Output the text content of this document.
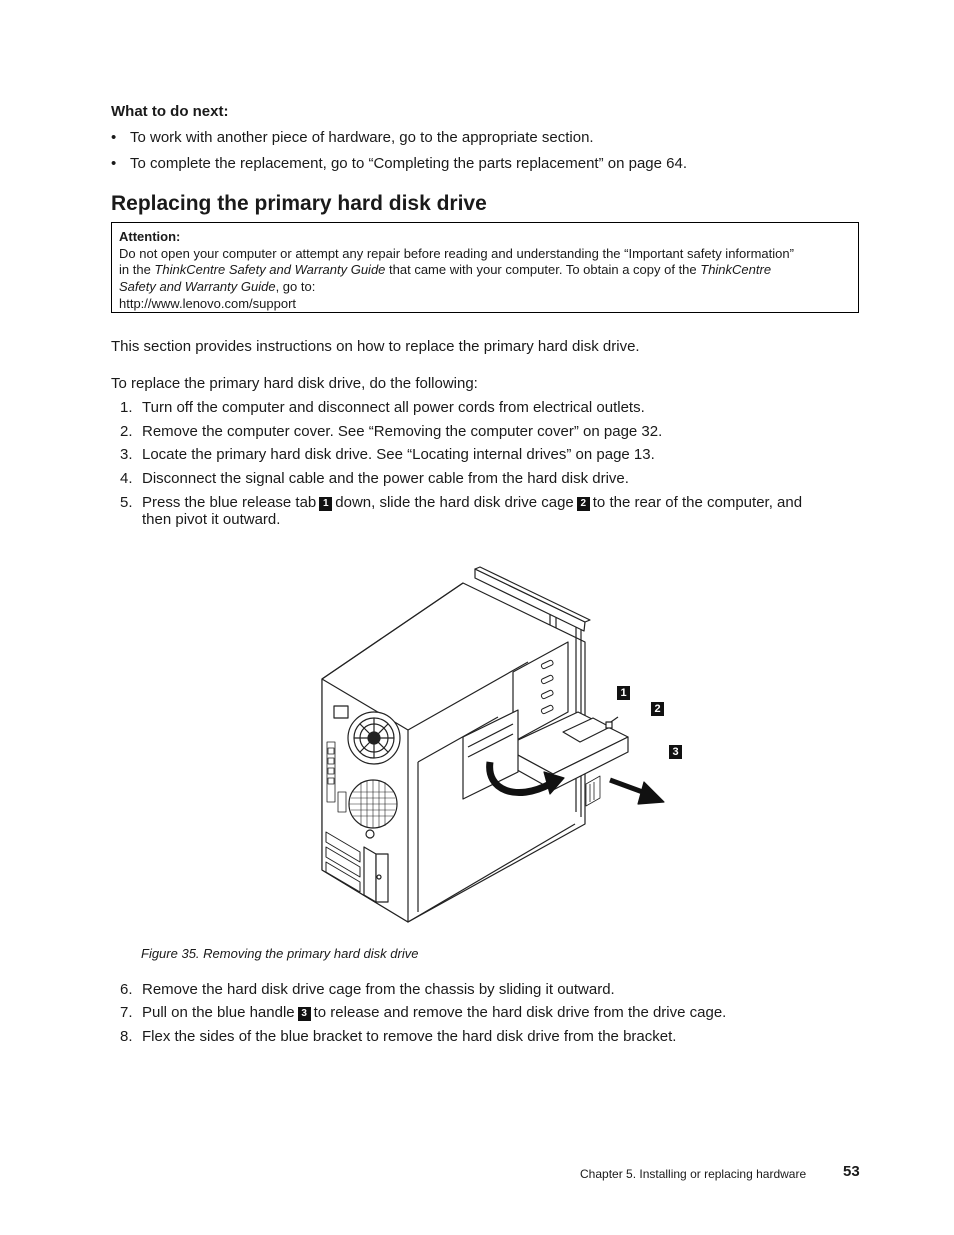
What to do next:
• To work with another piece of hardware, go to the appropriate section.
• To complete the replacement, go to “Completing the parts replacement” on page 64.
Replacing the primary hard disk drive
Attention:
Do not open your computer or attempt any repair before reading and understanding the “Important safety information”
in the ThinkCentre Safety and Warranty Guide that came with your computer. To obtain a copy of the ThinkCentre
Safety and Warranty Guide, go to:
http://www.lenovo.com/support
This section provides instructions on how to replace the primary hard disk drive.
To replace the primary hard disk drive, do the following:
1. Turn off the computer and disconnect all power cords from electrical outlets.
2. Remove the computer cover. See “Removing the computer cover” on page 32.
3. Locate the primary hard disk drive. See “Locating internal drives” on page 13.
4. Disconnect the signal cable and the power cable from the hard disk drive.
5. Press the blue release tab 1 down, slide the hard disk drive cage 2 to the rear of the computer, and
then pivot it outward.
1
2
3
Figure 35. Removing the primary hard disk drive
6. Remove the hard disk drive cage from the chassis by sliding it outward.
7. Pull on the blue handle 3 to release and remove the hard disk drive from the drive cage.
8. Flex the sides of the blue bracket to remove the hard disk drive from the bracket.
Chapter 5. Installing or replacing hardware 53
